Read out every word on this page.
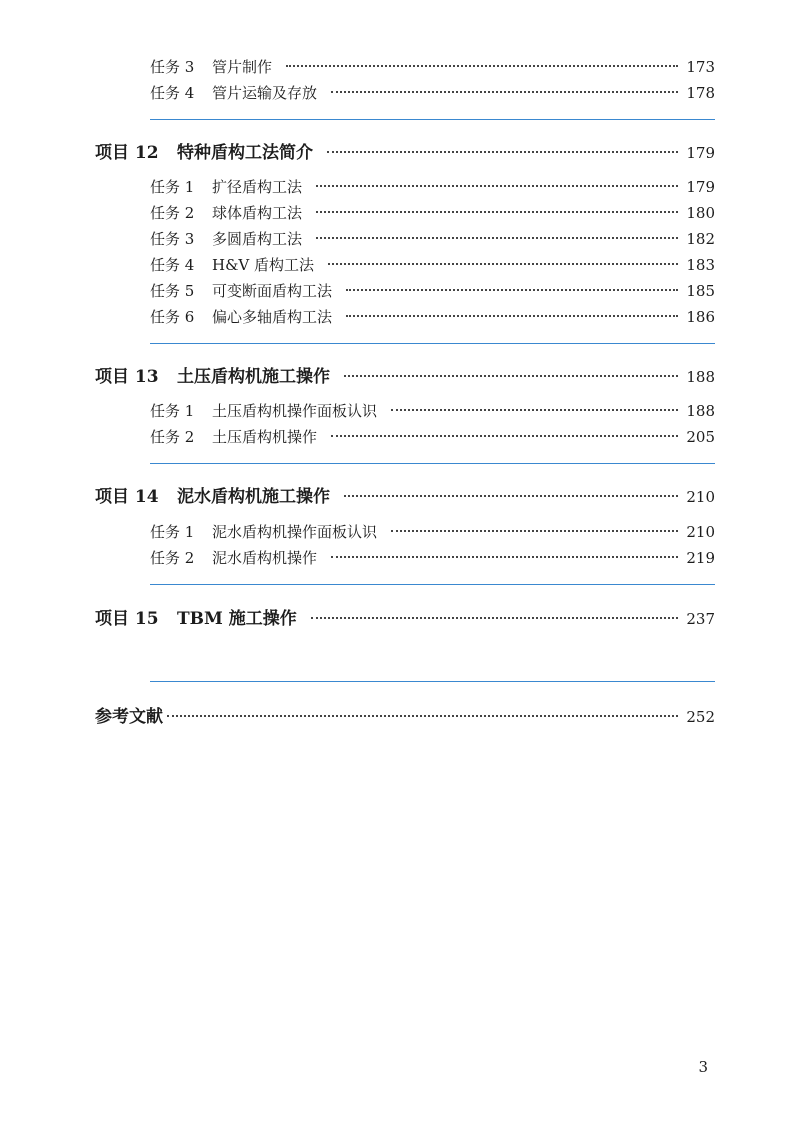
任务 3	管片制作	173
任务 4	管片运输及存放	178
项目 12	特种盾构工法简介	179
任务 1	扩径盾构工法	179
任务 2	球体盾构工法	180
任务 3	多圆盾构工法	182
任务 4	H&V 盾构工法	183
任务 5	可变断面盾构工法	185
任务 6	偏心多轴盾构工法	186
项目 13	土压盾构机施工操作	188
任务 1	土压盾构机操作面板认识	188
任务 2	土压盾构机操作	205
项目 14	泥水盾构机施工操作	210
任务 1	泥水盾构机操作面板认识	210
任务 2	泥水盾构机操作	219
项目 15	TBM 施工操作	237
参考文献	252
3
